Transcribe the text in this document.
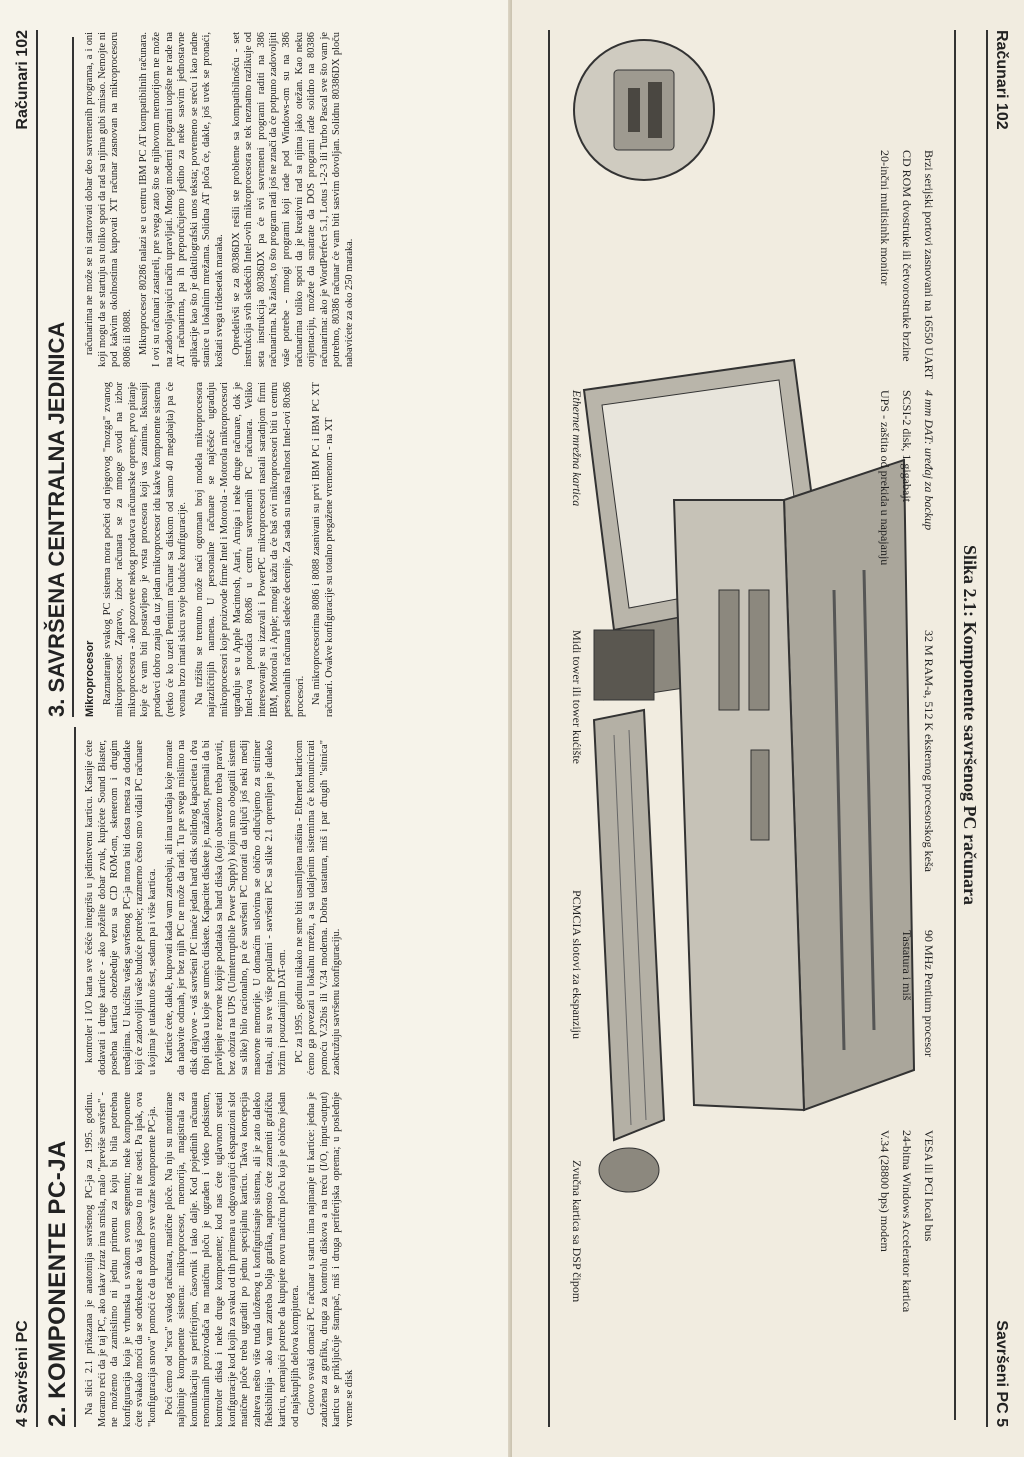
4 Savršeni PC
Računari 102
2. KOMPONENTE PC-JA
3. SAVRŠENA CENTRALNA JEDINICA

Na slici 2.1 prikazana je anatomija savršenog PC-ja za 1995. godinu. Moramo reći da je taj PC, ako takav izraz ima smisla, malo "previše savršen" - ne možemo da zamislimo ni jednu primenu za koju bi bila potrebna konfiguracija koja je vrhunska u svakom svom segmentu; neke komponente ćete svakako moći da se odreknete a da vaš posao to ni ne oseti. Pa ipak, ova "konfiguracija snova" pomoći će da upoznamo sve važne komponente PC-ja. Poći ćemo od "srca" svakog računara, matične ploče. Na nju su montirane najbitnije komponente sistema: mikroprocesor, memorija, magistrala za komunikaciju sa periferijom, časovnik i tako dalje. Kod pojedinih računara renomiranih proizvođača na matičnu ploču je ugrađen i video podsistem, kontroler diska i neke druge komponente; kod nas ćete uglavnom sretati konfiguracije kod kojih za svaku od tih primena u odgovarajući ekspanzioni slot matične ploče treba ugraditi po jednu specijalnu karticu. Takva koncepcija zahteva nešto više truda uloženog u konfigurisanje sistema, ali je zato daleko fleksibilnija - ako vam zatreba bolja grafika, naprosto ćete zameniti grafičku karticu, nemajući potrebe da kupujete novu matičnu ploču koja je obično jedan od najskupljih delova kompjutera. Gotovo svaki domaći PC računar u startu ima najmanje tri kartice: jedna je zadužena za grafiku, druga za kontrolu diskova a na treću (I/O, input-output) karticu se priključuje štampač, miš i druga periferijska oprema; u poslednje vreme se disk

kontroler i I/O karta sve češće integrišu u jedinstvenu karticu. Kasnije ćete dodavati i druge kartice - ako poželite dobar zvuk, kupićete Sound Blaster, posebna kartica obezbeđuje vezu sa CD ROM-om, skenerom i drugim uređajima. U kućištu vašeg savršenog PC-ja mora biti dosta mesta za dodatke koji će zadovoljiti vaše buduće potrebe; razmerno često smo viđali PC računare u kojima je utaknuto šest, sedam pa i više kartica. Kartice ćete, dakle, kupovati kada vam zatrebaju, ali ima uređaja koje morate da nabavite odmah, jer bez njih PC ne može da radi. Tu pre svega mislimo na disk drajvove - vaš savršeni PC imaće jedan hard disk solidnog kapaciteta i dva flopi diska u koje se umeću diskete. Kapacitet diskete je, nažalost, premali da bi pravljenje rezervne kopije podataka sa hard diska (koju obavezno treba praviti, bez obzira na UPS (Uninterruptible Power Supply) kojim smo obogatili sistem sa slike) bilo racionalno, pa će savršeni PC morati da uključi još neki medij masovne memorije. U domaćim uslovima se obično odlučujemo za striimer traku, ali su sve više popularni - savršeni PC sa slike 2.1 opremljen je daleko bržim i pouzdanijim DAT-om. PC za 1995. godinu nikako ne sme biti usamljena mašina - Ethernet karticom ćemo ga povezati u lokalnu mrežu, a sa udaljenim sistemima će komunicirati pomoću V.32bis ili V.34 modema. Dobra tastatura, miš i par drugih "sitnica" zaokružuju savršenu konfiguraciju.

Mikroprocesor Razmatranje svakog PC sistema mora početi od njegovog "mozga" zvanog mikroprocesor. Zapravo, izbor računara se za mnoge svodi na izbor mikroprocesora - ako pozovete nekog prodavca računarske opreme, prvo pitanje koje će vam biti postavljeno je vrsta procesora koji vas zanima. Iskusniji prodavci dobro znaju da uz jedan mikroprocesor idu kakve komponente sistema (retko će ko uzeti Pentium računar sa diskom od samo 40 megabajta) pa će veoma brzo imati skicu svoje buduće konfiguracije. Na tržištu se trenutno može naći ogroman broj modela mikroprocesora najrazličitijih namena. U personalne računare se najčešće ugrađuju mikroprocesori koje proizvode firme Intel i Motorola - Motorola mikroprocesori ugrađuju se u Apple Macintosh, Atari, Amiga i neke druge računare, dok je Intel-ova porodica 80x86 u centru savremenih PC računara. Veliko interesovanje su izazvali i PowerPC mikroprocesori nastali saradnjom firmi IBM, Motorola i Apple; mnogi kažu da će baš ovi mikroprocesori biti u centru personalnih računara sledeće decenije. Za sada su naša realnost Intel-ovi 80x86 procesori. Na mikroprocesorima 8086 i 8088 zasnivani su prvi IBM PC i IBM PC XT računari. Ovakve konfiguracije su totalno pregažene vremenom - na XT

računarima ne može se ni startovati dobar deo savremenih programa, a i oni koji mogu da se startuju su toliko spori da rad sa njima gubi smisao. Nemojte ni pod kakvim okolnostima kupovati XT računar zasnovan na mikroprocesoru 8086 ili 8088. Mikroprocesor 80286 nalazi se u centru IBM PC AT kompatibilnih računara. I ovi su računari zastareli, pre svega zato što se njihovom memorijom ne može na zadovoljavajući način upravljati. Mnogi moderni programi uopšte ne rade na AT računarima, pa ih preporučujemo jedino za neke sasvim jednostavne aplikacije kao što je daktilografski unos teksta; povremeno se sreću i kao radne stanice u lokalnim mrežama. Solidna AT ploča će, dakle, još uvek se pronaći, koštati svega tridesetak maraka. Opredelivši se za 80386DX rešili ste probleme sa kompatibilnošću - set instrukcija svih sledećih Intel-ovih mikroprocesora se tek neznatno razlikuje od seta instrukcija 80386DX pa će svi savremeni programi raditi na 386 računarima. Na žalost, to što program radi još ne znači da će potpuno zadovoljiti vaše potrebe - mnogi programi koji rade pod Windows-om su na 386 računarima toliko spori da je kreativni rad sa njima jako otežan. Kao neku orijentaciju, možete da smatrate da DOS programi rade solidno na 80386 računarima: ako je WordPerfect 5.1, Lotus 1-2-3 ili Turbo Pascal sve što vam je potrebno, 80386 računar će vam biti sasvim dovoljan. Solidnu 80386DX ploču nabavićete za oko 250 maraka.

Računari 102
Savršeni PC 5
Slika 2.1: Komponente savršenog PC računara
Brzi serijski portovi zasnovani na 16550 UART
CD ROM dvostrukе ili četvorostruke brzine
20-inčni multisinhk monitor
4 mm DAT: uređaj za backup
SCSI-2 disk, 1 gigabajt
UPS - zaštita od prekida u napajanju
32 M RAM-a, 512 K eksternog procesorskog keša
90 MHz Pentium procesor
Tastatura i miš
24-bitna Windows Accelerator kartica VESA ili PCI local bus
V.34 (28800 bps) modem
Zvučna kartica sa DSP čipom
PCMCIA slotovi za ekspanziju
Midi tower ili tower kućište
Ethernet mrežna kartica
